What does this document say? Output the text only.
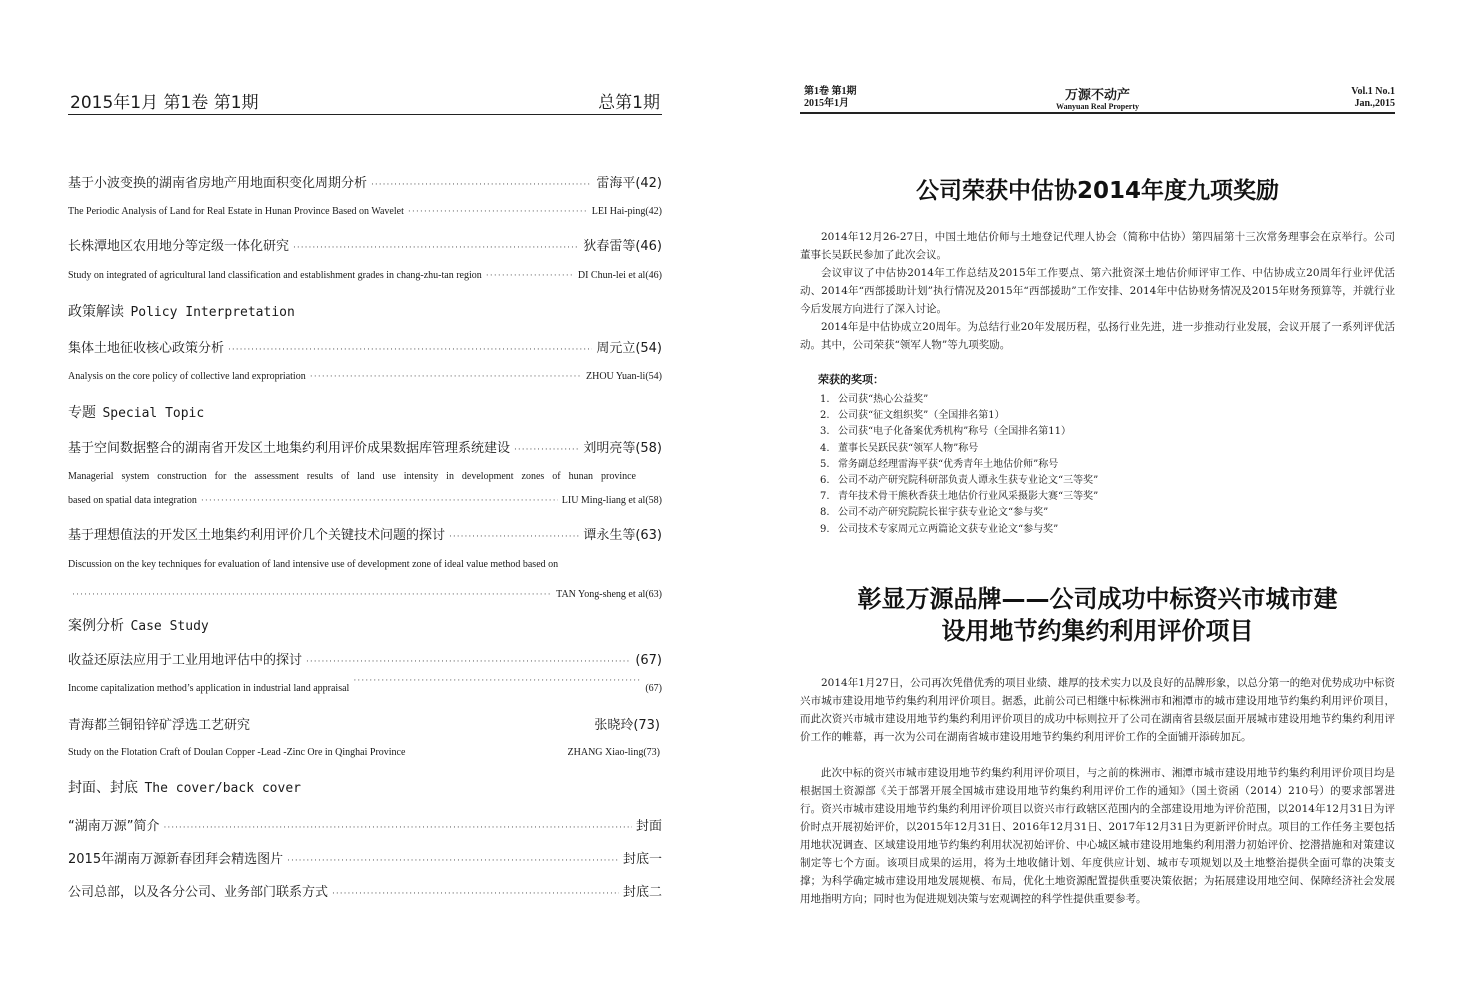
2015年1月 第1卷 第1期	总第1期
基于小波变换的湖南省房地产用地面积变化周期分析 ·····	雷海平(42)
The Periodic Analysis of Land for Real Estate in Hunan Province Based on Wavelet ·····	LEI Hai-ping(42)
长株潭地区农用地分等定级一体化研究 ·····	狄春雷等(46)
Study on integrated of agricultural land classification and establishment grades in chang-zhu-tan region ·····	DI Chun-lei et al(46)
政策解读 Policy Interpretation
集体土地征收核心政策分析 ·····	周元立(54)
Analysis on the core policy of collective land expropriation ·····	ZHOU Yuan-li(54)
专题 Special Topic
基于空间数据整合的湖南省开发区土地集约利用评价成果数据库管理系统建设 ·····	刘明亮等(58)
Managerial system construction for the assessment results of land use intensity in development zones of hunan province
based on spatial data integration ·····	LIU Ming-liang et al(58)
基于理想值法的开发区土地集约利用评价几个关键技术问题的探讨 ·····	谭永生等(63)
Discussion on the key techniques for evaluation of land intensive use of development zone of ideal value method based on
·····
TAN Yong-sheng et al(63)
案例分析 Case Study
收益还原法应用于工业用地评估中的探讨 ·····	(67)
Income capitalization method’s application in industrial land appraisal
·····	(67)
青海都兰铜铅锌矿浮选工艺研究	张晓玲(73)
Study on the Flotation Craft of Doulan Copper -Lead -Zinc Ore in Qinghai Province	ZHANG Xiao-ling(73)
封面、封底 The cover/back cover
“湖南万源”简介 ·····	封面
2015年湖南万源新春团拜会精选图片 ·····	封底一
公司总部，以及各分公司、业务部门联系方式 ·····	封底二
第1卷 第1期
2015年1月
万源不动产
Wanyuan Real Property
Vol.1 No.1
Jan.,2015
公司荣获中估协2014年度九项奖励

2014年12月26-27日，中国土地估价师与土地登记代理人协会（简称中估协）第四届第十三次常务理事会在京举行。公司董事长吴跃民参加了此次会议。

会议审议了中估协2014年工作总结及2015年工作要点、第六批资深土地估价师评审工作、中估协成立20周年行业评优活动、2014年“西部援助计划”执行情况及2015年“西部援助”工作安排、2014年中估协财务情况及2015年财务预算等，并就行业今后发展方向进行了深入讨论。

2014年是中估协成立20周年。为总结行业20年发展历程，弘扬行业先进，进一步推动行业发展，会议开展了一系列评优活动。其中，公司荣获“领军人物”等九项奖励。

荣获的奖项：
1. 公司获“热心公益奖”
2. 公司获“征文组织奖”（全国排名第1）
3. 公司获“电子化备案优秀机构”称号（全国排名第11）
4. 董事长吴跃民获“领军人物”称号
5. 常务副总经理雷海平获“优秀青年土地估价师”称号
6. 公司不动产研究院科研部负责人谭永生获专业论文“三等奖”
7. 青年技术骨干熊秋香获土地估价行业风采摄影大赛“三等奖”
8. 公司不动产研究院院长崔宇获专业论文“参与奖”
9. 公司技术专家周元立两篇论文获专业论文“参与奖”
彰显万源品牌——公司成功中标资兴市城市建
设用地节约集约利用评价项目

2014年1月27日，公司再次凭借优秀的项目业绩、雄厚的技术实力以及良好的品牌形象，以总分第一的绝对优势成功中标资兴市城市建设用地节约集约利用评价项目。据悉，此前公司已相继中标株洲市和湘潭市的城市建设用地节约集约利用评价项目，而此次资兴市城市建设用地节约集约利用评价项目的成功中标则拉开了公司在湖南省县级层面开展城市建设用地节约集约利用评价工作的帷幕，再一次为公司在湖南省城市建设用地节约集约利用评价工作的全面铺开添砖加瓦。

此次中标的资兴市城市建设用地节约集约利用评价项目，与之前的株洲市、湘潭市城市建设用地节约集约利用评价项目均是根据国土资源部《关于部署开展全国城市建设用地节约集约利用评价工作的通知》（国土资函（2014）210号）的要求部署进行。资兴市城市建设用地节约集约利用评价项目以资兴市行政辖区范围内的全部建设用地为评价范围，以2014年12月31日为评价时点开展初始评价，以2015年12月31日、2016年12月31日、2017年12月31日为更新评价时点。项目的工作任务主要包括用地状况调查、区域建设用地节约集约利用状况初始评价、中心城区城市建设用地集约利用潜力初始评价、挖潜措施和对策建议制定等七个方面。该项目成果的运用，将为土地收储计划、年度供应计划、城市专项规划以及土地整治提供全面可靠的决策支撑；为科学确定城市建设用地发展规模、布局，优化土地资源配置提供重要决策依据；为拓展建设用地空间、保障经济社会发展用地指明方向；同时也为促进规划决策与宏观调控的科学性提供重要参考。
